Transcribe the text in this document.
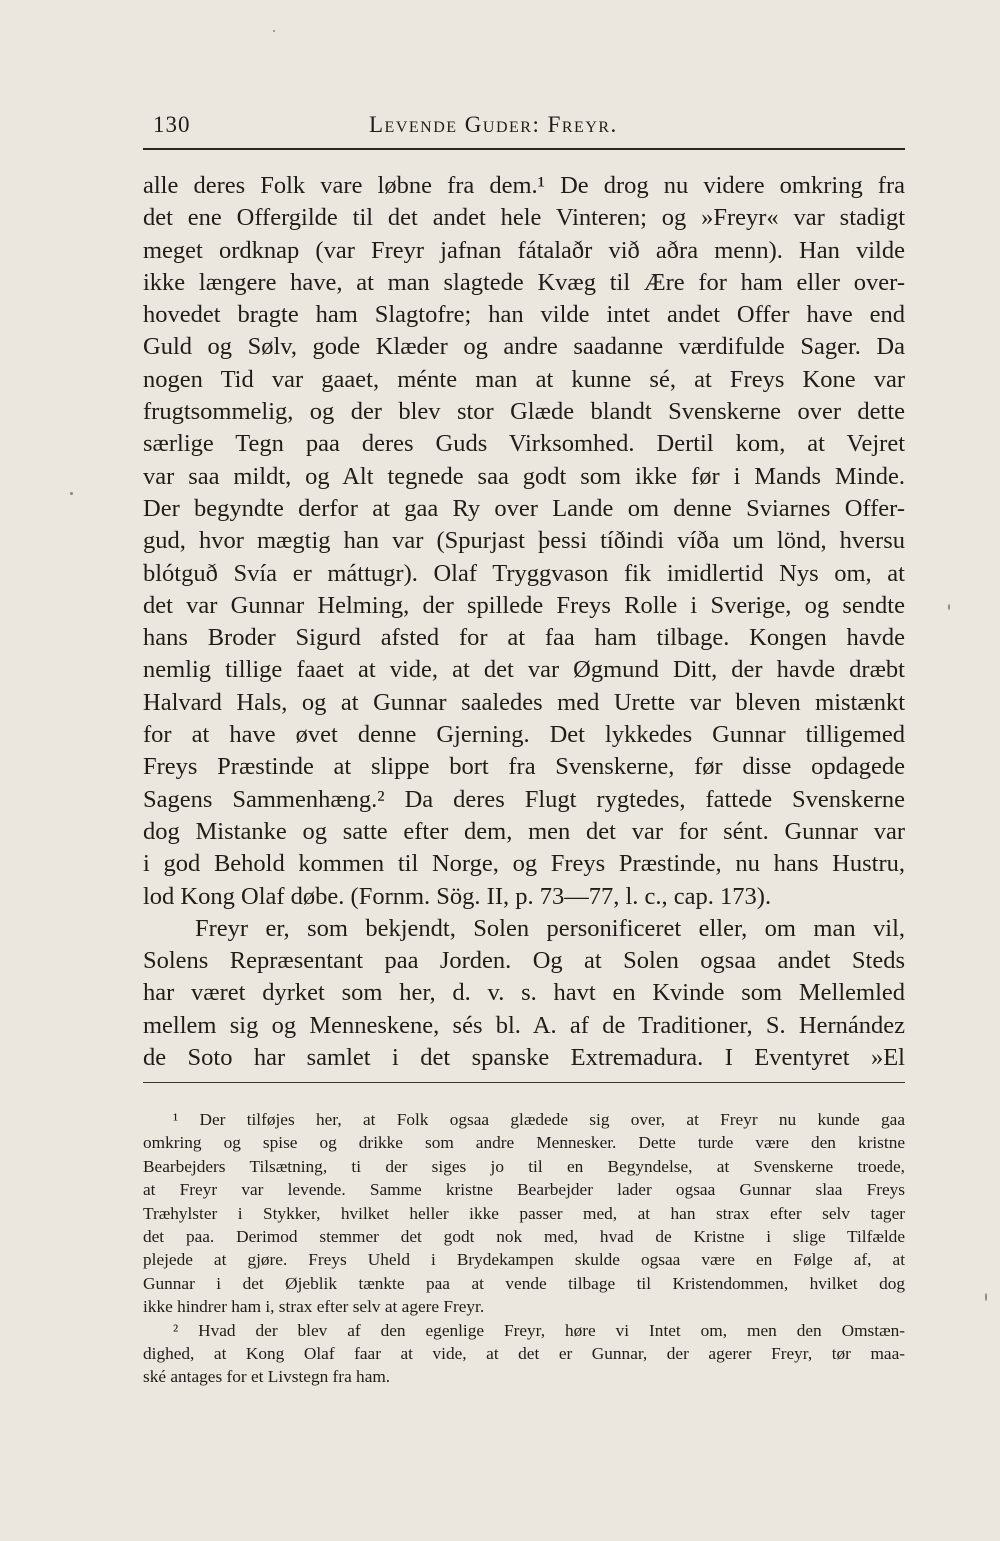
130	Levende Guder: Freyr.
alle deres Folk vare løbne fra dem.¹ De drog nu videre omkring fra
det ene Offergilde til det andet hele Vinteren; og »Freyr« var stadigt
meget ordknap (var Freyr jafnan fátalaðr við aðra menn). Han vilde
ikke længere have, at man slagtede Kvæg til Ære for ham eller over-
hovedet bragte ham Slagtofre; han vilde intet andet Offer have end
Guld og Sølv, gode Klæder og andre saadanne værdifulde Sager. Da
nogen Tid var gaaet, ménte man at kunne sé, at Freys Kone var
frugtsommelig, og der blev stor Glæde blandt Svenskerne over dette
særlige Tegn paa deres Guds Virksomhed. Dertil kom, at Vejret
var saa mildt, og Alt tegnede saa godt som ikke før i Mands Minde.
Der begyndte derfor at gaa Ry over Lande om denne Sviarnes Offer-
gud, hvor mægtig han var (Spurjast þessi tíðindi víða um lönd, hversu
blótguð Svía er máttugr). Olaf Tryggvason fik imidlertid Nys om, at
det var Gunnar Helming, der spillede Freys Rolle i Sverige, og sendte
hans Broder Sigurd afsted for at faa ham tilbage. Kongen havde
nemlig tillige faaet at vide, at det var Øgmund Ditt, der havde dræbt
Halvard Hals, og at Gunnar saaledes med Urette var bleven mistænkt
for at have øvet denne Gjerning. Det lykkedes Gunnar tilligemed
Freys Præstinde at slippe bort fra Svenskerne, før disse opdagede
Sagens Sammenhæng.² Da deres Flugt rygtedes, fattede Svenskerne
dog Mistanke og satte efter dem, men det var for sént. Gunnar var
i god Behold kommen til Norge, og Freys Præstinde, nu hans Hustru,
lod Kong Olaf døbe. (Fornm. Sög. II, p. 73—77, l. c., cap. 173).
Freyr er, som bekjendt, Solen personificeret eller, om man vil,
Solens Repræsentant paa Jorden. Og at Solen ogsaa andet Steds
har været dyrket som her, d. v. s. havt en Kvinde som Mellemled
mellem sig og Menneskene, sés bl. A. af de Traditioner, S. Hernández
de Soto har samlet i det spanske Extremadura. I Eventyret »El
¹ Der tilføjes her, at Folk ogsaa glædede sig over, at Freyr nu kunde gaa
omkring og spise og drikke som andre Mennesker. Dette turde være den kristne
Bearbejders Tilsætning, ti der siges jo til en Begyndelse, at Svenskerne troede,
at Freyr var levende. Samme kristne Bearbejder lader ogsaa Gunnar slaa Freys
Træhylster i Stykker, hvilket heller ikke passer med, at han strax efter selv tager
det paa. Derimod stemmer det godt nok med, hvad de Kristne i slige Tilfælde
plejede at gjøre. Freys Uheld i Brydekampen skulde ogsaa være en Følge af, at
Gunnar i det Øjeblik tænkte paa at vende tilbage til Kristendommen, hvilket dog
ikke hindrer ham i, strax efter selv at agere Freyr.
² Hvad der blev af den egenlige Freyr, høre vi Intet om, men den Omstæn-
dighed, at Kong Olaf faar at vide, at det er Gunnar, der agerer Freyr, tør maa-
ské antages for et Livstegn fra ham.
